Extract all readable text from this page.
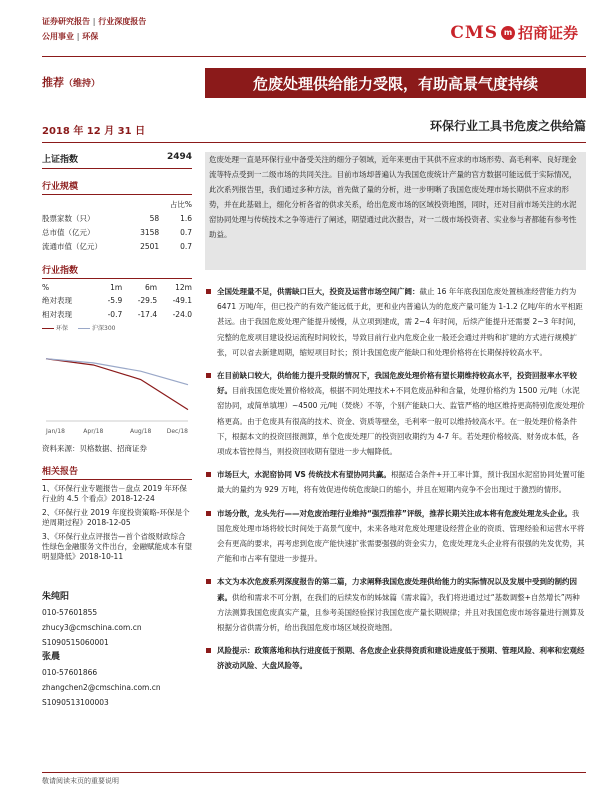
证券研究报告 | 行业深度报告
公用事业 | 环保	CMS m 招商证券
推荐（维持）	危废处理供给能力受限，有助高景气度持续
2018 年 12 月 31 日	环保行业工具书危废之供给篇
上证指数	2494
行业规模
		占比%
股票家数（只）	58	1.6
总市值（亿元）	3158	0.7
流通市值（亿元）	2501	0.7
行业指数
%	1m	6m	12m
绝对表现	-5.9	-29.5	-49.1
相对表现	-0.7	-17.4	-24.0
环保	沪深300
Jan/18	Apr/18	Aug/18	Dec/18
资料来源：贝格数据、招商证券
相关报告
1、《环保行业专题报告－盘点 2019 年环保行业的 4.5 个看点》2018-12-24
2、《环保行业 2019 年度投资策略-环保是个逆周期过程》2018-12-05
3、《环保行业点评报告—首个省级财政综合性绿色金融服务文件出台，金融赋能成本有望明显降低》2018-10-11
朱纯阳
010-57601855
zhucy3@cmschina.com.cn
S1090515060001
张晨
010-57601866
zhangchen2@cmschina.com.cn
S1090513100003
危废处理一直是环保行业中备受关注的细分子领域，近年来更由于其供不应求的市场形势、高毛利率、良好现金流等特点受到一二级市场的共同关注。目前市场却普遍认为我国危废统计产量的官方数据可能远低于实际情况，此次系列报告里，我们通过多种方法，首先做了量的分析，进一步明晰了我国危废处理市场长期供不应求的形势，并在此基础上，细化分析各省的供求关系，给出危废市场的区域投资地图，同时，还对目前市场关注的水泥窑协同处理与传统技术之争等进行了阐述，期望通过此次报告，对一二级市场投资者、实业参与者都能有参考性助益。
全国处理量不足，供需缺口巨大，投资及运营市场空间广阔：截止 16 年年底我国危废处置核准经营能力约为 6471 万吨/年，但已投产的有效产能远低于此，更和业内普遍认为的危废产量可能为 1-1.2 亿吨/年的水平相距甚远。由于我国危废处理产能提升缓慢，从立项到建成，需 2~4 年时间，后续产能提升还需要 2~3 年时间，完整的危废项目建设投运流程时间较长，导致目前行业内危废企业一般还会通过并购和扩建的方式进行规模扩张，可以省去新建周期，缩短项目时长；预计我国危废产能缺口和处理价格将在长期保持较高水平。
在目前缺口较大，供给能力提升受限的情况下，我国危废处理价格有望长期维持较高水平，投资回报率水平较好。目前我国危废处置价格较高，根据不同处理技术+不同危废品种和含量，处理价格约为 1500 元/吨（水泥窑协同，或简单填埋）~4500 元/吨（焚烧）不等，个别产能缺口大、监管严格的地区维持更高特别危废处理价格更高。由于危废具有很高的技术、资金、资质等壁垒，毛利率一般可以维持较高水平。在一般处理价格条件下，根据本文的投资回报测算，单个危废处理厂的投资回收期约为 4-7 年。若处理价格较高、财务成本低，各项成本管控得当，则投资回收期有望进一步大幅降低。
市场巨大，水泥窑协同 VS 传统技术有望协同共赢。根据适合条件+开工率计算，预计我国水泥窑协同处置可能最大的量约为 929 万吨，将有效促进传统危废缺口的缩小，并且在短期内竞争不会出现过于激烈的情形。
市场分散，龙头先行——对危废治理行业维持“强烈推荐”评级，推荐长期关注成本将有危废处理龙头企业。我国危废处理市场将较长时间处于高景气度中，未来各地对危废处理建设经营企业的资质、管理经验和运营水平将会有更高的要求，再考虑到危废产能快速扩张需要强强的资金实力，危废处理龙头企业将有很强的先发优势，其产能和市占率有望进一步提升。
本文为本次危废系列深度报告的第二篇，力求阐释我国危废处理供给能力的实际情况以及发展中受到的制约因素。供给和需求不可分割，在我们的后续发布的姊妹篇《需求篇》，我们将进通过过“基数调整+自然增长”两种方法测算我国危废真实产量，且参考美国经验探讨我国危废产量长期规律；并且对我国危废市场容量进行测算及根据分省供需分析，给出我国危废市场区域投资地图。
风险提示：政策落地和执行进度低于预期、各危废企业获得资质和建设进度低于预期、管理风险、利率和宏观经济波动风险、大盘风险等。
敬请阅读末页的重要说明
